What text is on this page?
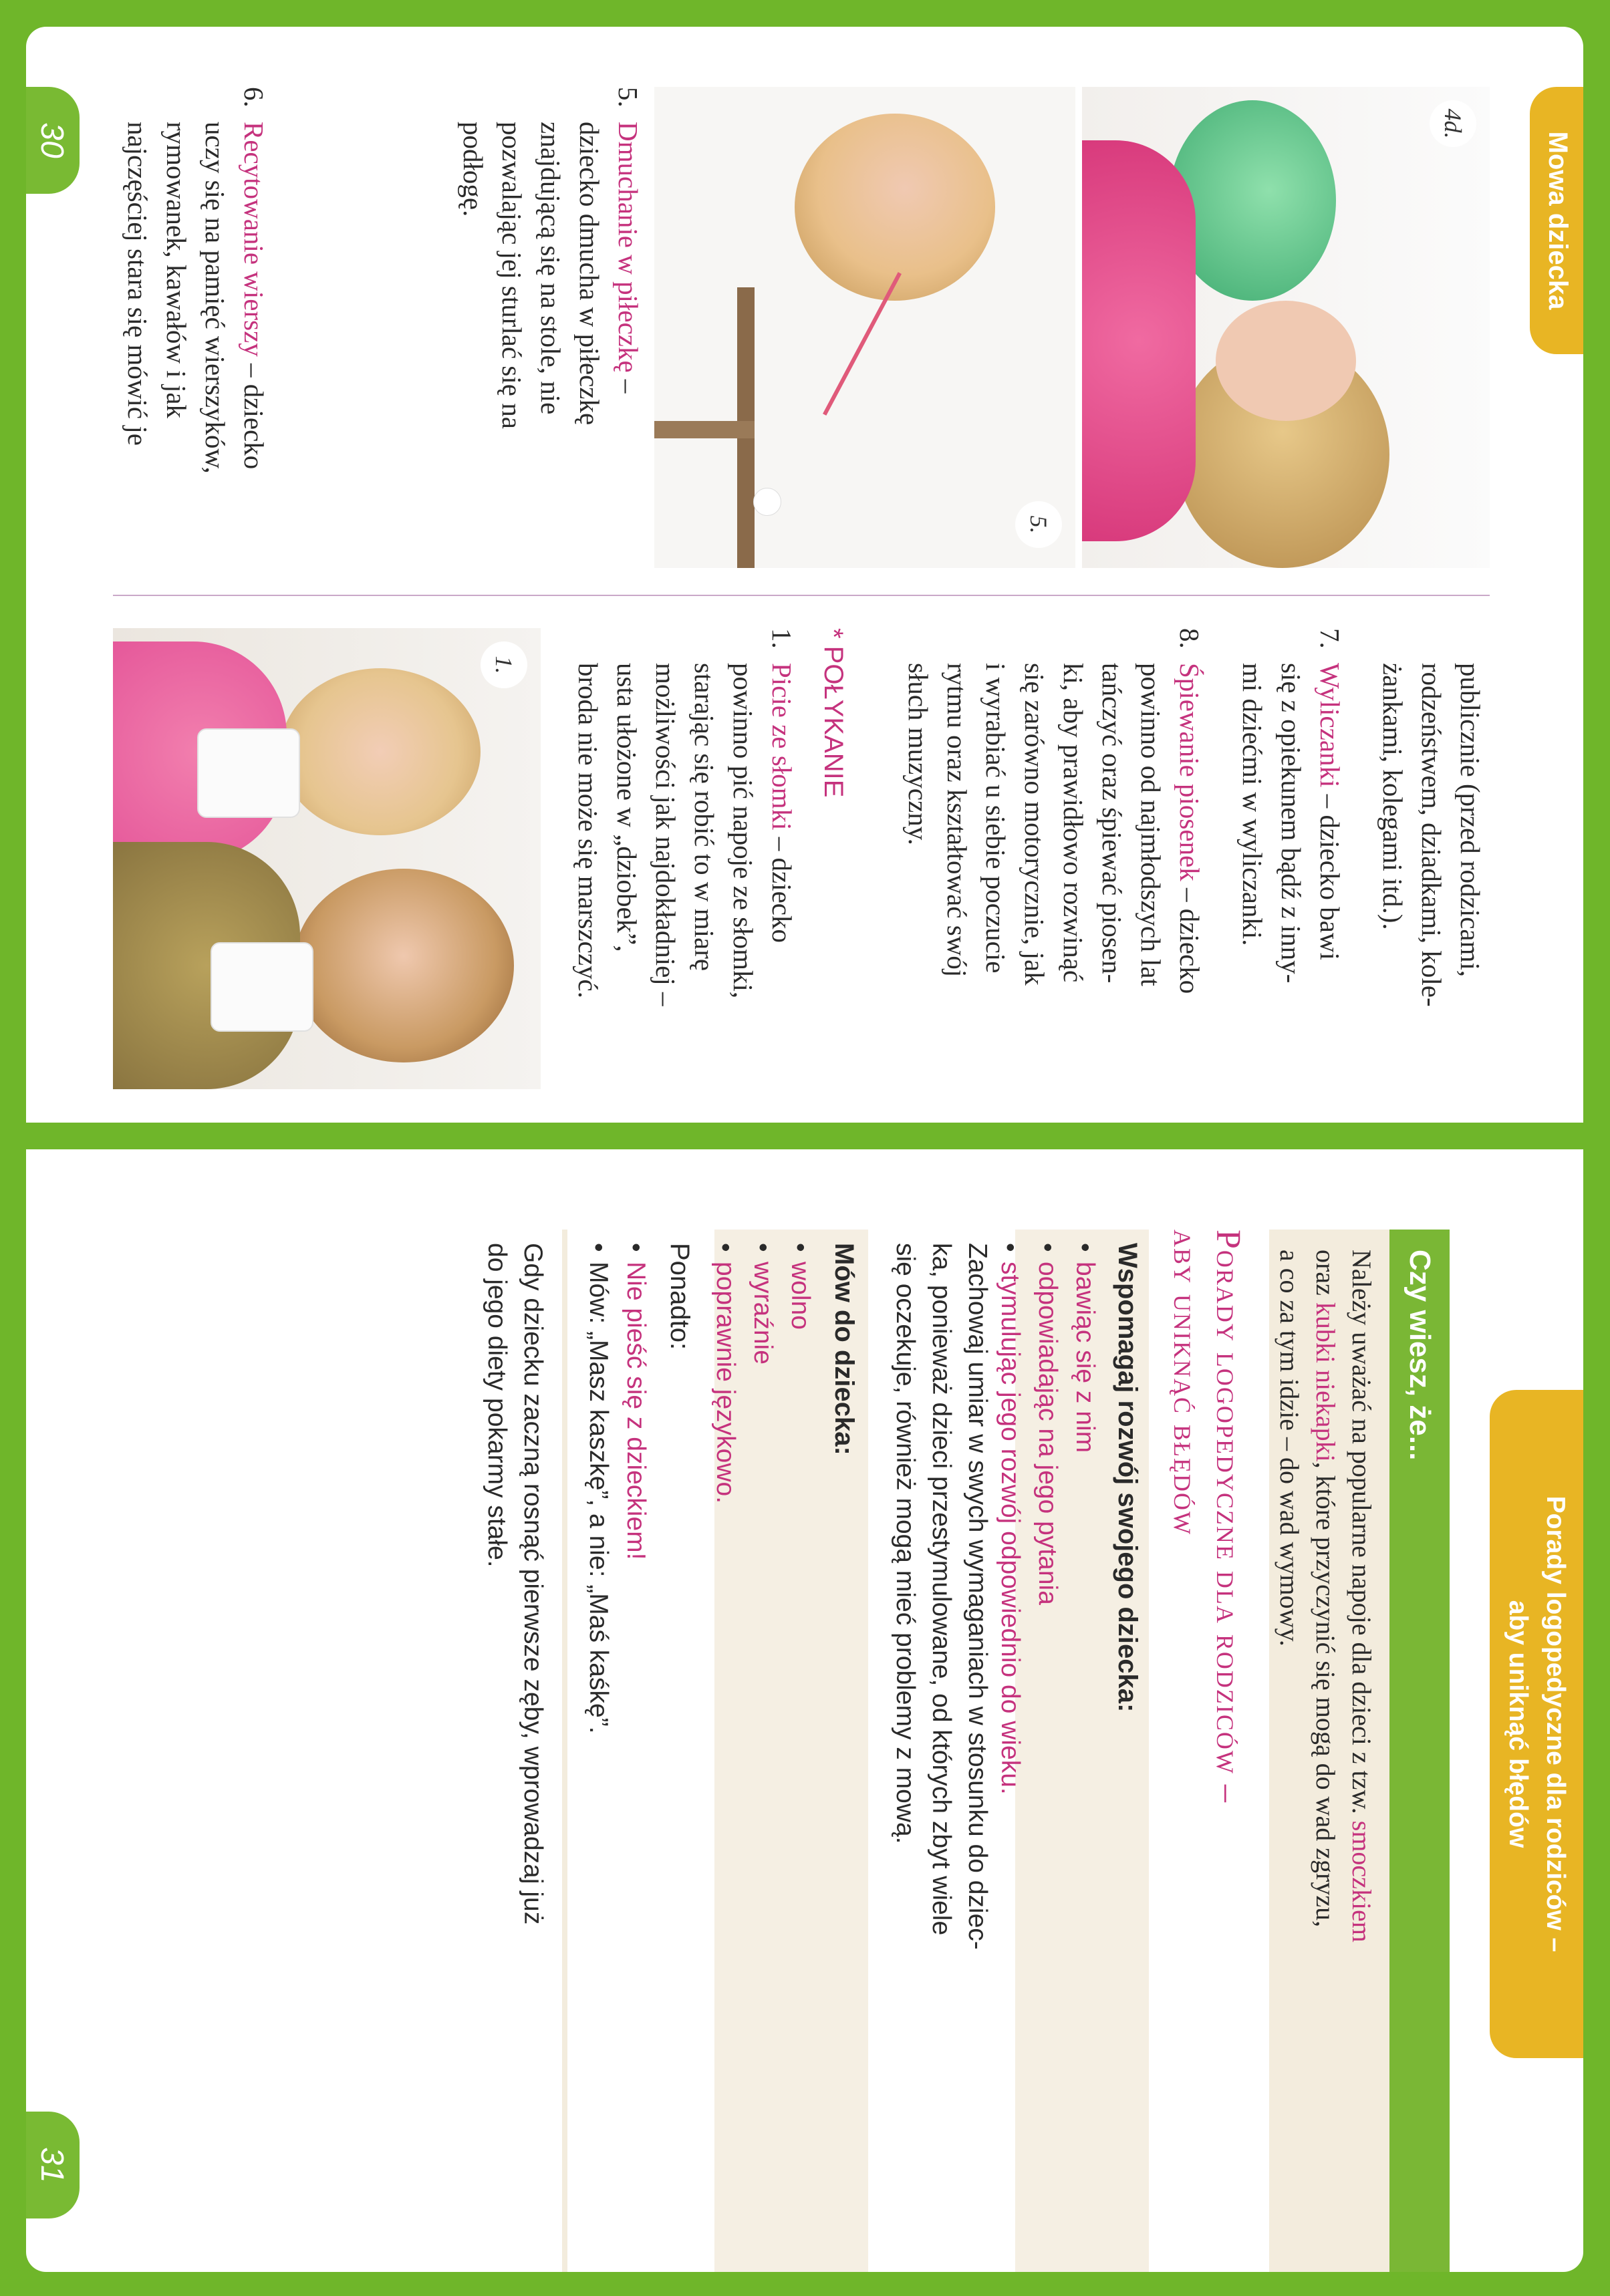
Mowa dziecka
4d.
5.

5.Dmuchanie w piłeczkę –

dziecko dmucha w piłeczkę

znajdującą się na stole, nie

pozwalając jej sturlać się na

podłogę.

6.Recytowanie wierszy – dziecko

uczy się na pamięć wierszyków,

rymowanek, kawałów i jak

najczęściej stara się mówić je

publicznie (przed rodzicami,

rodzeństwem, dziadkami, kole-

żankami, kolegami itd.).

7.Wyliczanki – dziecko bawi

się z opiekunem bądź z inny-

mi dziećmi w wyliczanki.

8.Śpiewanie piosenek – dziecko

powinno od najmłodszych lat

tańczyć oraz śpiewać piosen-

ki, aby prawidłowo rozwinąć

się zarówno motorycznie, jak

i wyrabiać u siebie poczucie

rytmu oraz kształtować swój

słuch muzyczny.

* POŁYKANIE

1.Picie ze słomki – dziecko

powinno pić napoje ze słomki,

starając się robić to w miarę

możliwości jak najdokładniej –

usta ułożone w „dziobek”,

broda nie może się marszczyć.

1.
30
Porady logopedyczne dla rodziców –
aby uniknąć błędów
Czy wiesz, że...
Należy uważać na popularne napoje dla dzieci z tzw. smoczkiem
oraz kubki niekapki, które przyczynić się mogą do wad zgryzu,
a co za tym idzie – do wad wymowy.
Porady logopedyczne dla rodziców –
aby uniknąć błędów
Wspomagaj rozwój swojego dziecka:
•bawiąc się z nim
•odpowiadając na jego pytania
•stymulując jego rozwój odpowiednio do wieku.
Zachowaj umiar w swych wymaganiach w stosunku do dziec-
ka, ponieważ dzieci przestymulowane, od których zbyt wiele
się oczekuje, również mogą mieć problemy z mową.
Mów do dziecka:
•wolno
•wyraźnie
•poprawnie językowo.
Ponadto:
•Nie pieść się z dzieckiem!
•Mów: „Masz kaszkę”, a nie: „Maś kaśkę”.
Gdy dziecku zaczną rosnąć pierwsze zęby, wprowadzaj już
do jego diety pokarmy stałe.
31
